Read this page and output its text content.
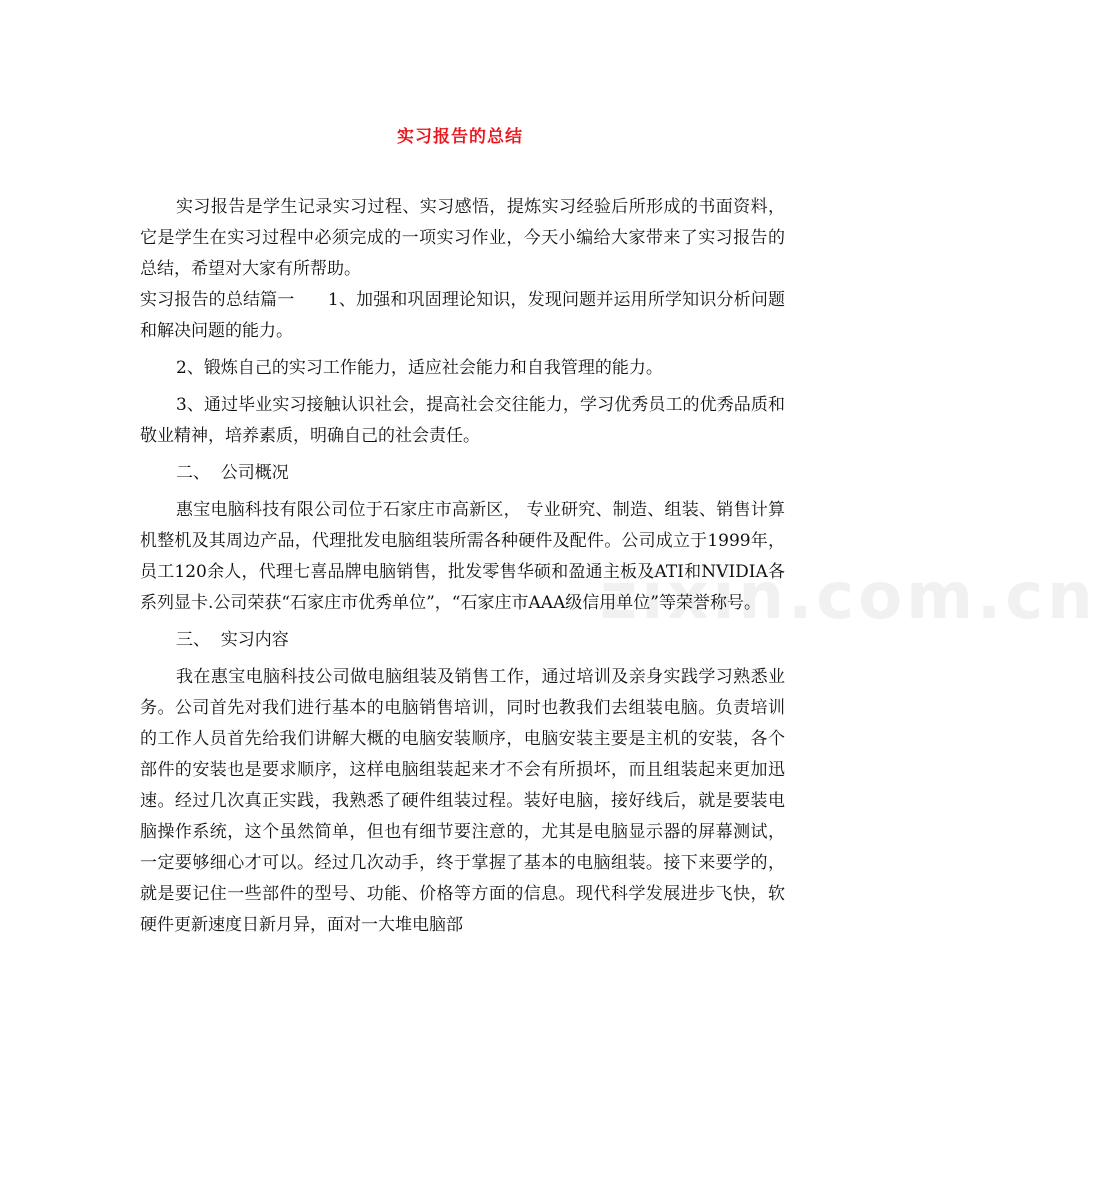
zixin.com.cn
实习报告的总结

实习报告是学生记录实习过程、实习感悟，提炼实习经验后所形成的书面资料，它是学生在实习过程中必须完成的一项实习作业，今天小编给大家带来了实习报告的总结，希望对大家有所帮助。

实习报告的总结篇一      1、加强和巩固理论知识，发现问题并运用所学知识分析问题和解决问题的能力。

2、锻炼自己的实习工作能力，适应社会能力和自我管理的能力。

3、通过毕业实习接触认识社会，提高社会交往能力，学习优秀员工的优秀品质和敬业精神，培养素质，明确自己的社会责任。

二、  公司概况

惠宝电脑科技有限公司位于石家庄市高新区， 专业研究、制造、组装、销售计算机整机及其周边产品，代理批发电脑组装所需各种硬件及配件。公司成立于1999年，员工120余人，代理七喜品牌电脑销售，批发零售华硕和盈通主板及ATI和NVIDIA各系列显卡.公司荣获“石家庄市优秀单位”，“石家庄市AAA级信用单位”等荣誉称号。

三、  实习内容

我在惠宝电脑科技公司做电脑组装及销售工作，通过培训及亲身实践学习熟悉业务。公司首先对我们进行基本的电脑销售培训，同时也教我们去组装电脑。负责培训的工作人员首先给我们讲解大概的电脑安装顺序，电脑安装主要是主机的安装，各个部件的安装也是要求顺序，这样电脑组装起来才不会有所损坏，而且组装起来更加迅速。经过几次真正实践，我熟悉了硬件组装过程。装好电脑，接好线后，就是要装电脑操作系统，这个虽然简单，但也有细节要注意的，尤其是电脑显示器的屏幕测试，一定要够细心才可以。经过几次动手，终于掌握了基本的电脑组装。接下来要学的，就是要记住一些部件的型号、功能、价格等方面的信息。现代科学发展进步飞快，软硬件更新速度日新月异，面对一大堆电脑部
